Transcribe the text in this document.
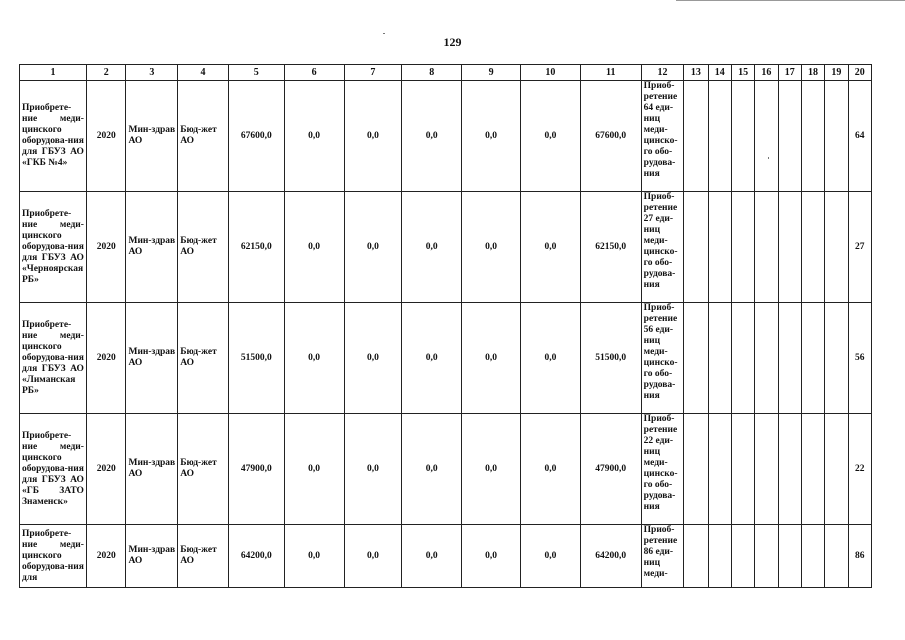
129
1	2	3	4	5	6	7	8	9	10	11	12	13	14	15	16	17	18	19	20
Приобрете-ние меди-цинского оборудова-ния для ГБУЗ АО «ГКБ №4»	2020	Мин-здрав АО	Бюд-жет АО	67600,0	0,0	0,0	0,0	0,0	0,0	67600,0	Приоб-ретение 64 еди-ниц меди-цинско-го обо-рудова-ния								64
Приобрете-ние меди-цинского оборудова-ния для ГБУЗ АО «Черноярская РБ»	2020	Мин-здрав АО	Бюд-жет АО	62150,0	0,0	0,0	0,0	0,0	0,0	62150,0	Приоб-ретение 27 еди-ниц меди-цинско-го обо-рудова-ния								27
Приобрете-ние меди-цинского оборудова-ния для ГБУЗ АО «Лиманская РБ»	2020	Мин-здрав АО	Бюд-жет АО	51500,0	0,0	0,0	0,0	0,0	0,0	51500,0	Приоб-ретение 56 еди-ниц меди-цинско-го обо-рудова-ния								56
Приобрете-ние меди-цинского оборудова-ния для ГБУЗ АО «ГБ ЗАТО Знаменск»	2020	Мин-здрав АО	Бюд-жет АО	47900,0	0,0	0,0	0,0	0,0	0,0	47900,0	Приоб-ретение 22 еди-ниц меди-цинско-го обо-рудова-ния								22
Приобрете-ние меди-цинского оборудова-ния для	2020	Мин-здрав АО	Бюд-жет АО	64200,0	0,0	0,0	0,0	0,0	0,0	64200,0	Приоб-ретение 86 еди-ниц меди-								86
